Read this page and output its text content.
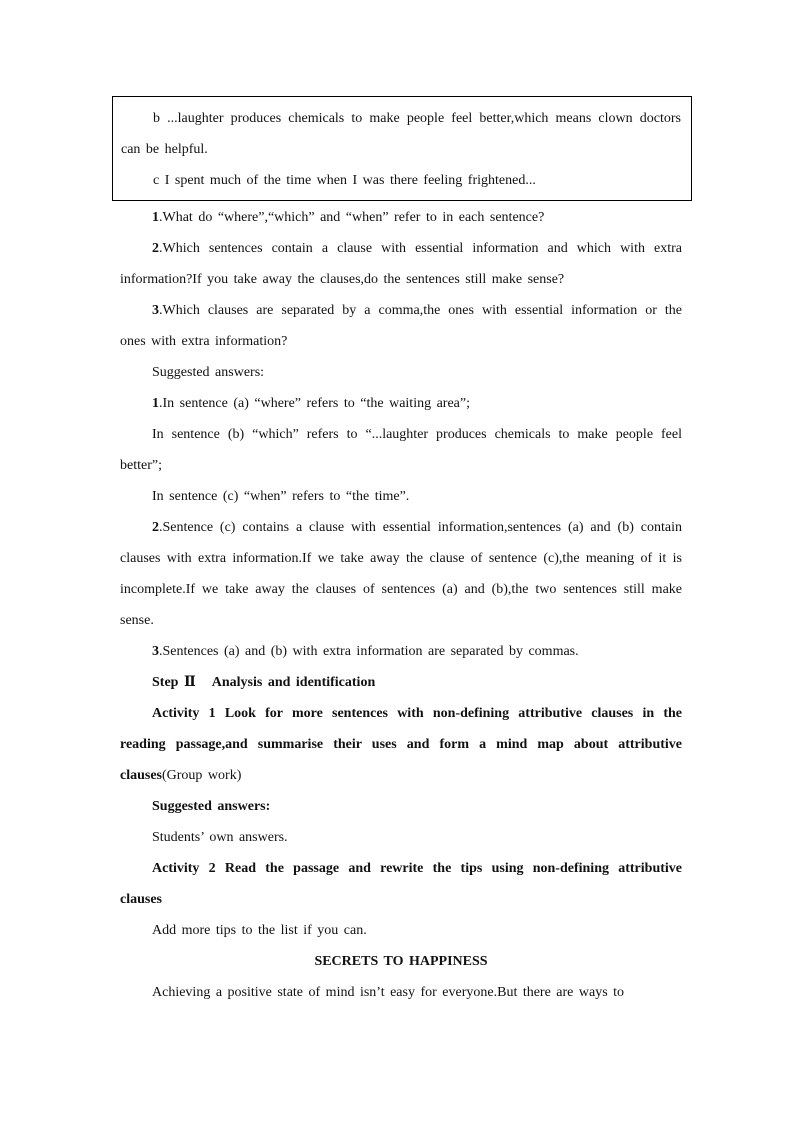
b ...laughter produces chemicals to make people feel better,which means clown doctors can be helpful.

c I spent much of the time when I was there feeling frightened...

1.What do “where”,“which” and “when” refer to in each sentence?

2.Which sentences contain a clause with essential information and which with extra information?If you take away the clauses,do the sentences still make sense?

3.Which clauses are separated by a comma,the ones with essential information or the ones with extra information?

Suggested answers:

1.In sentence (a) “where” refers to “the waiting area”;

In sentence (b) “which” refers to “...laughter produces chemicals to make people feel better”;

In sentence (c) “when” refers to “the time”.

2.Sentence (c) contains a clause with essential information,sentences (a) and (b) contain clauses with extra information.If we take away the clause of sentence (c),the meaning of it is incomplete.If we take away the clauses of sentences (a) and (b),the two sentences still make sense.

3.Sentences (a) and (b) with extra information are separated by commas.

Step Ⅱ Analysis and identification

Activity 1 Look for more sentences with non-defining attributive clauses in the reading passage,and summarise their uses and form a mind map about attributive clauses(Group work)

Suggested answers:

Students’ own answers.

Activity 2 Read the passage and rewrite the tips using non-defining attributive clauses

Add more tips to the list if you can.

SECRETS TO HAPPINESS

Achieving a positive state of mind isn’t easy for everyone.But there are ways to
